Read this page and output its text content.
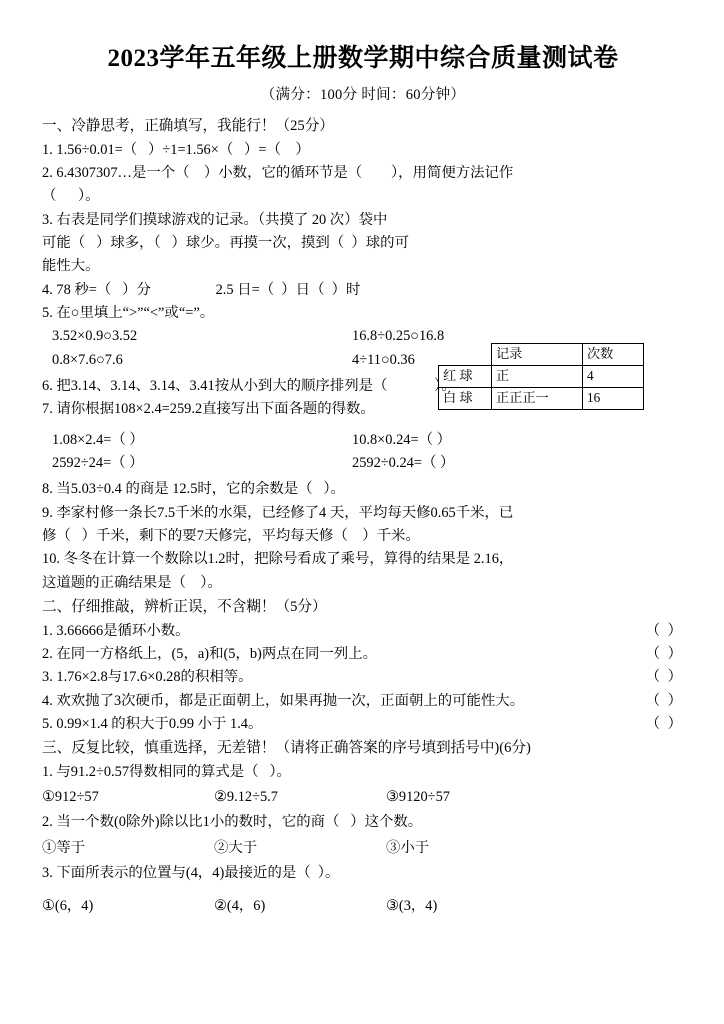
2023学年五年级上册数学期中综合质量测试卷
（满分：100分 时间：60分钟）
	记录	次数
红 球	正	4
白 球	正正正一	16
一、冷静思考，正确填写，我能行！（25分）
1. 1.56÷0.01=（   ）÷1=1.56×（   ）=（    ）
2. 6.4307307…是一个（    ）小数，它的循环节是（        ），用简便方法记作
（      ）。
3. 右表是同学们摸球游戏的记录。（共摸了 20 次）袋中
可能（   ）球多，（   ）球少。再摸一次，摸到（  ）球的可
能性大。
4. 78 秒=（   ）分                  2.5 日=（  ）日（  ）时
5. 在○里填上“>”“<”或“=”。
3.52×0.9○3.52	16.8÷0.25○16.8
0.8×7.6○7.6	4÷11○0.36
6. 把3.14、3.14、3.14、3.41按从小到大的顺序排列是（             ）。
7. 请你根据108×2.4=259.2直接写出下面各题的得数。
1.08×2.4=（ ）	10.8×0.24=（ ）
2592÷24=（ ）	2592÷0.24=（ ）
8. 当5.03÷0.4 的商是 12.5时，它的余数是（   ）。
9. 李家村修一条长7.5千米的水渠，已经修了4 天，平均每天修0.65千米，已
修（   ）千米，剩下的要7天修完，平均每天修（    ）千米。
10. 冬冬在计算一个数除以1.2时，把除号看成了乘号，算得的结果是 2.16，
这道题的正确结果是（    ）。
二、仔细推敲，辨析正误，不含糊！（5分）
1. 3.66666是循环小数。	（ ）
2. 在同一方格纸上，(5，a)和(5，b)两点在同一列上。	（ ）
3. 1.76×2.8与17.6×0.28的积相等。	（ ）
4. 欢欢抛了3次硬币，都是正面朝上，如果再抛一次，正面朝上的可能性大。	（ ）
5. 0.99×1.4 的积大于0.99 小于 1.4。	（ ）
三、反复比较，慎重选择，无差错！（请将正确答案的序号填到括号中)(6分)
1. 与91.2÷0.57得数相同的算式是（   ）。
①912÷57	②9.12÷5.7	③9120÷57
2. 当一个数(0除外)除以比1小的数时，它的商（   ）这个数。
①等于	②大于	③小于
3. 下面所表示的位置与(4，4)最接近的是（  ）。
①(6，4)	②(4，6)	③(3，4)
